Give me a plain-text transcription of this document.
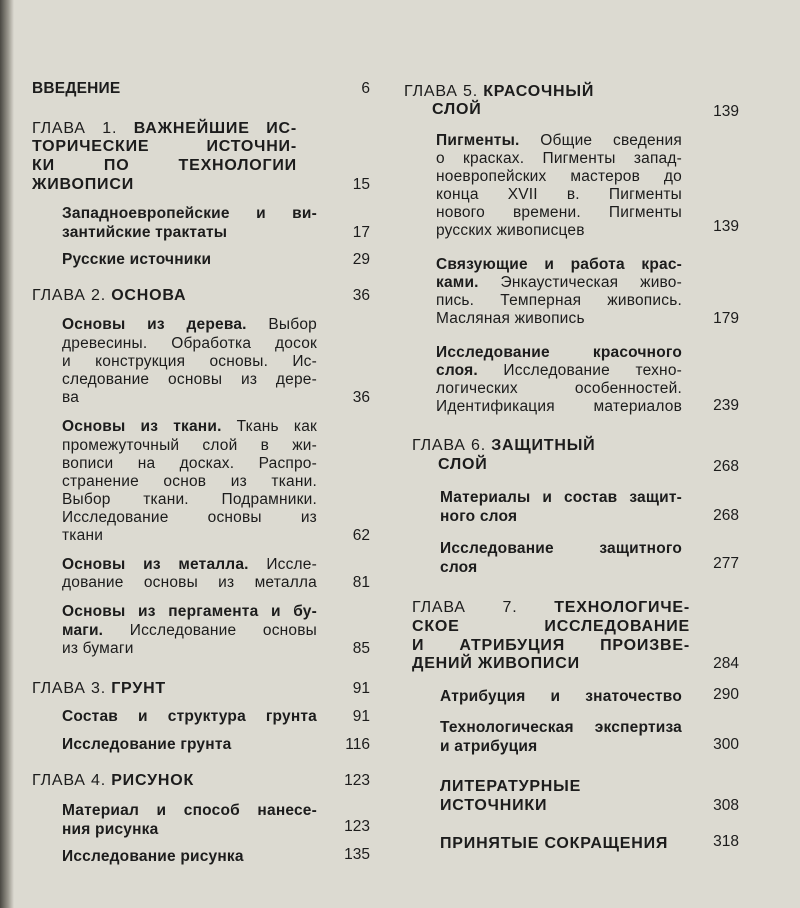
ВВЕДЕНИЕ	6
ГЛАВА 1. ВАЖНЕЙШИЕ ИС-
ТОРИЧЕСКИЕ ИСТОЧНИ-
КИ ПО ТЕХНОЛОГИИ
ЖИВОПИСИ	15
Западноевропейские и ви-
зантийские трактаты	17
Русские источники	29
ГЛАВА 2. ОСНОВА	36
Основы из дерева. Выбор
древесины. Обработка досок
и конструкция основы. Ис-
следование основы из дере-
ва	36
Основы из ткани. Ткань как
промежуточный слой в жи-
вописи на досках. Распро-
странение основ из ткани.
Выбор ткани. Подрамники.
Исследование основы из
ткани	62
Основы из металла. Иссле-
дование основы из металла	81
Основы из пергамента и бу-
маги. Исследование основы
из бумаги	85
ГЛАВА 3. ГРУНТ	91
Состав и структура грунта	91
Исследование грунта	116
ГЛАВА 4. РИСУНОК	123
Материал и способ нанесе-
ния рисунка	123
Исследование рисунка	135
ГЛАВА 5. КРАСОЧНЫЙ
СЛОЙ	139
Пигменты. Общие сведения
о красках. Пигменты запад-
ноевропейских мастеров до
конца XVII в. Пигменты
нового времени. Пигменты
русских живописцев	139
Связующие и работа крас-
ками. Энкаустическая живо-
пись. Темперная живопись.
Масляная живопись	179
Исследование красочного
слоя. Исследование техно-
логических особенностей.
Идентификация материалов	239
ГЛАВА 6. ЗАЩИТНЫЙ
СЛОЙ	268
Материалы и состав защит-
ного слоя	268
Исследование защитного
слоя	277
ГЛАВА 7. ТЕХНОЛОГИЧЕ-
СКОЕ ИССЛЕДОВАНИЕ
И АТРИБУЦИЯ ПРОИЗВЕ-
ДЕНИЙ ЖИВОПИСИ	284
Атрибуция и знаточество	290
Технологическая экспертиза
и атрибуция	300
ЛИТЕРАТУРНЫЕ
ИСТОЧНИКИ	308
ПРИНЯТЫЕ СОКРАЩЕНИЯ	318
